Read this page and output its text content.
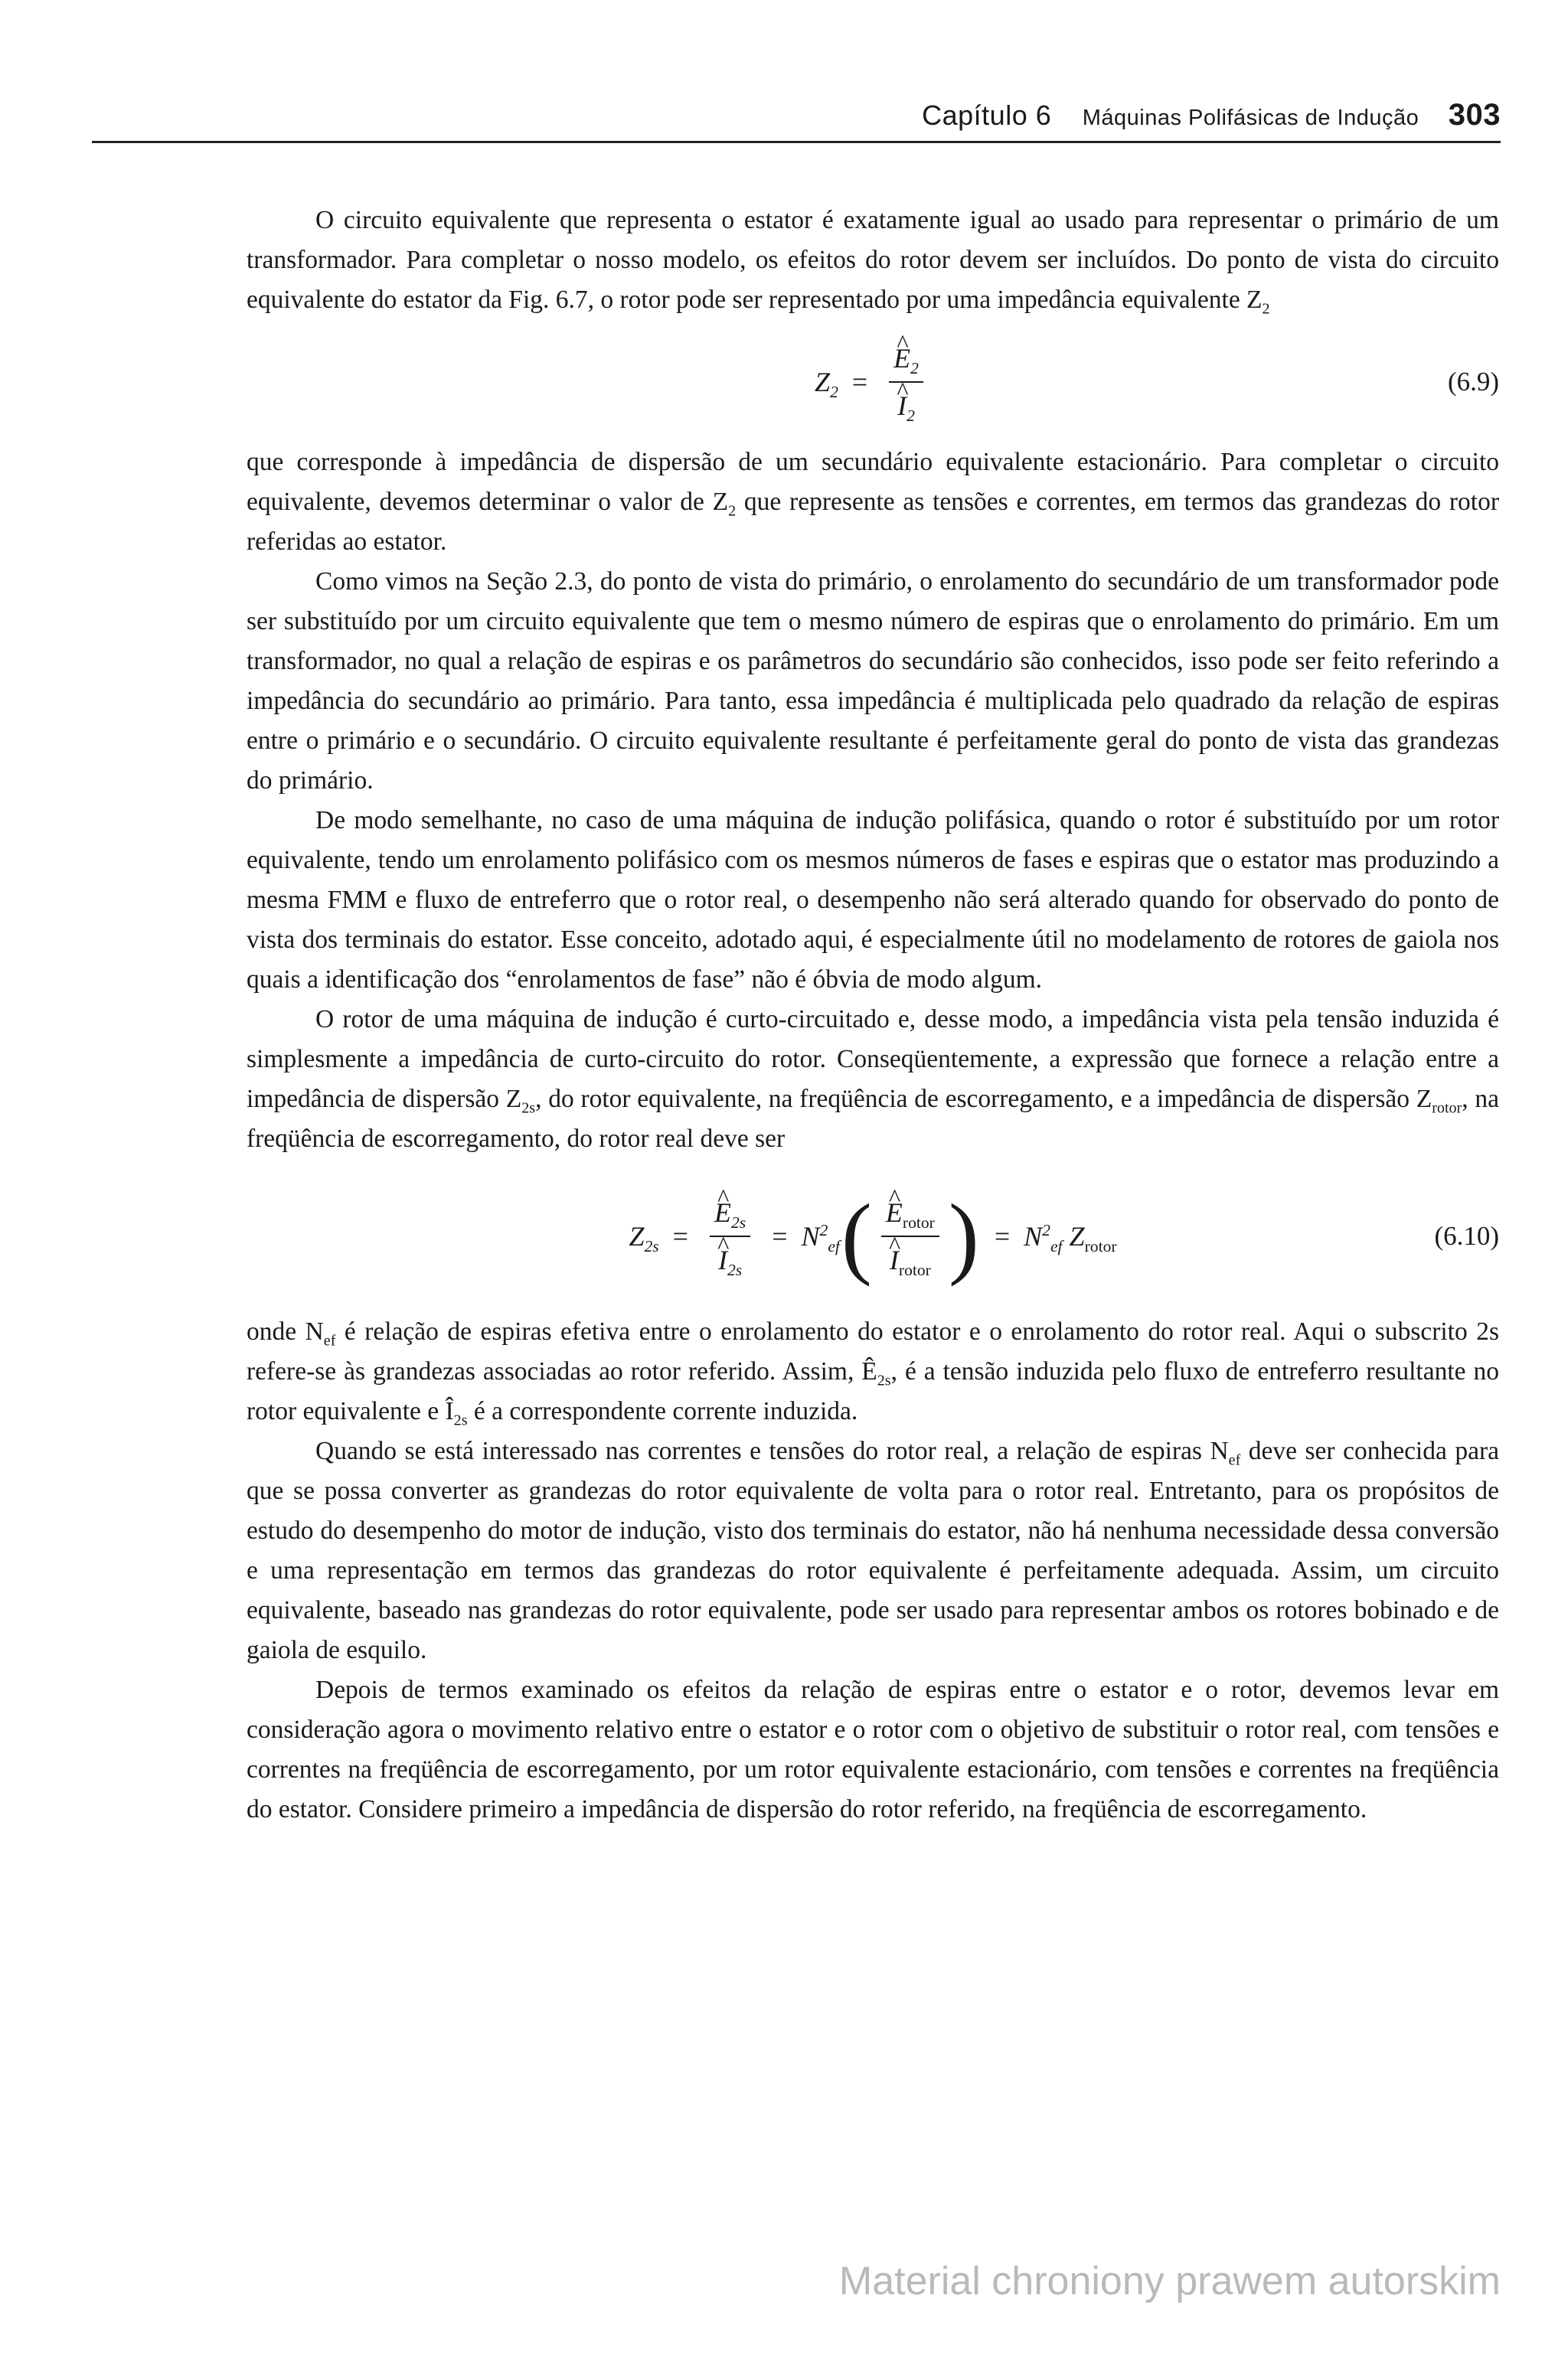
Capítulo 6 Máquinas Polifásicas de Indução 303

O circuito equivalente que representa o estator é exatamente igual ao usado para representar o primário de um transformador. Para completar o nosso modelo, os efeitos do rotor devem ser incluídos. Do ponto de vista do circuito equivalente do estator da Fig. 6.7, o rotor pode ser representado por uma impedância equivalente $Z_2$

$Z_2$ = ^ $E_2$
^ $I_2$	(6.9)

que corresponde à impedância de dispersão de um secundário equivalente estacionário. Para completar o circuito equivalente, devemos determinar o valor de $Z_2$ que represente as tensões e correntes, em termos das grandezas do rotor referidas ao estator.

Como vimos na Seção 2.3, do ponto de vista do primário, o enrolamento do secundário de um transformador pode ser substituído por um circuito equivalente que tem o mesmo número de espiras que o enrolamento do primário. Em um transformador, no qual a relação de espiras e os parâmetros do secundário são conhecidos, isso pode ser feito referindo a impedância do secundário ao primário. Para tanto, essa impedância é multiplicada pelo quadrado da relação de espiras entre o primário e o secundário. O circuito equivalente resultante é perfeitamente geral do ponto de vista das grandezas do primário.

De modo semelhante, no caso de uma máquina de indução polifásica, quando o rotor é substituído por um rotor equivalente, tendo um enrolamento polifásico com os mesmos números de fases e espiras que o estator mas produzindo a mesma FMM e fluxo de entreferro que o rotor real, o desempenho não será alterado quando for observado do ponto de vista dos terminais do estator. Esse conceito, adotado aqui, é especialmente útil no modelamento de rotores de gaiola nos quais a identificação dos “enrolamentos de fase” não é óbvia de modo algum.

O rotor de uma máquina de indução é curto-circuitado e, desse modo, a impedância vista pela tensão induzida é simplesmente a impedância de curto-circuito do rotor. Conseqüentemente, a expressão que fornece a relação entre a impedância de dispersão $Z_{2s}$, do rotor equivalente, na freqüência de escorregamento, e a impedância de dispersão $Z_{rotor}$, na freqüência de escorregamento, do rotor real deve ser

$Z_{2s}$ = ^ $E_{2s}$
^ $I_{2s} = N^2_{ef}$ ( ^ $E_{rotor}$
^ $I_{rotor}$ ) = $N^2_{ef}$ $Z_{rotor}$	(6.10)

onde $N_{ef}$ é relação de espiras efetiva entre o enrolamento do estator e o enrolamento do rotor real. Aqui o subscrito 2s refere-se às grandezas associadas ao rotor referido. Assim, $Ê_{2s}$, é a tensão induzida pelo fluxo de entreferro resultante no rotor equivalente e $Î_{2s}$ é a correspondente corrente induzida.

Quando se está interessado nas correntes e tensões do rotor real, a relação de espiras $N_{ef}$ deve ser conhecida para que se possa converter as grandezas do rotor equivalente de volta para o rotor real. Entretanto, para os propósitos de estudo do desempenho do motor de indução, visto dos terminais do estator, não há nenhuma necessidade dessa conversão e uma representação em termos das grandezas do rotor equivalente é perfeitamente adequada. Assim, um circuito equivalente, baseado nas grandezas do rotor equivalente, pode ser usado para representar ambos os rotores bobinado e de gaiola de esquilo.

Depois de termos examinado os efeitos da relação de espiras entre o estator e o rotor, devemos levar em consideração agora o movimento relativo entre o estator e o rotor com o objetivo de substituir o rotor real, com tensões e correntes na freqüência de escorregamento, por um rotor equivalente estacionário, com tensões e correntes na freqüência do estator. Considere primeiro a impedância de dispersão do rotor referido, na freqüência de escorregamento.

Material chroniony prawem autorskim
